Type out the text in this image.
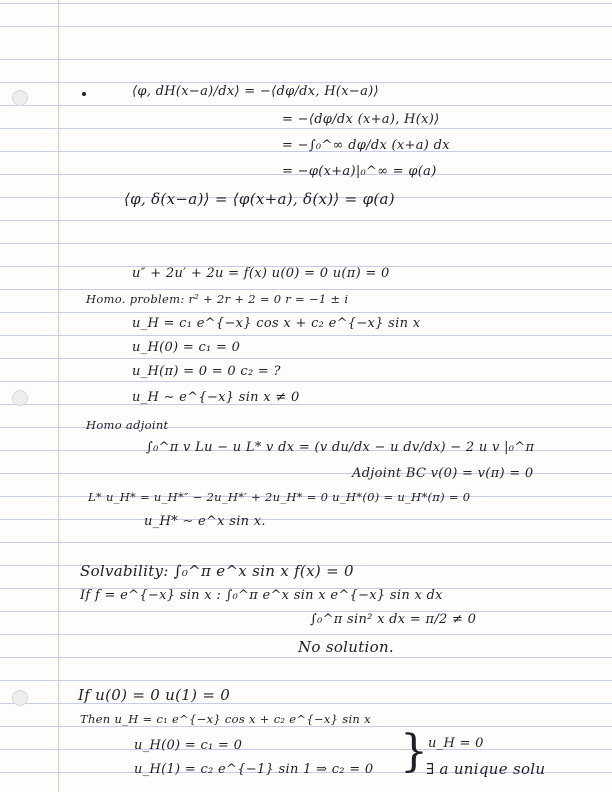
⟨φ, dH(x−a)/dx⟩ = −⟨dφ/dx, H(x−a)⟩
= −⟨dφ/dx (x+a), H(x)⟩
= −∫₀^∞ dφ/dx (x+a) dx
= −φ(x+a)|₀^∞ = φ(a)
⟨φ, δ(x−a)⟩ = ⟨φ(x+a), δ(x)⟩ = φ(a)
u″ + 2u′ + 2u = f(x) u(0) = 0 u(π) = 0
Homo. problem: r² + 2r + 2 = 0 r = −1 ± i
u_H = c₁ e^{−x} cos x + c₂ e^{−x} sin x
u_H(0) = c₁ = 0
u_H(π) = 0 = 0 c₂ = ?
u_H ∼ e^{−x} sin x ≠ 0
Homo adjoint
∫₀^π v Lu − u L* v dx = (v du/dx − u dv/dx) − 2 u v |₀^π
Adjoint BC v(0) = v(π) = 0
L* u_H* = u_H*″ − 2u_H*′ + 2u_H* = 0 u_H*(0) = u_H*(π) = 0
u_H* ∼ e^x sin x.
Solvability: ∫₀^π e^x sin x f(x) = 0
If f = e^{−x} sin x : ∫₀^π e^x sin x e^{−x} sin x dx
∫₀^π sin² x dx = π/2 ≠ 0
No solution.
If u(0) = 0 u(1) = 0
Then u_H = c₁ e^{−x} cos x + c₂ e^{−x} sin x
u_H(0) = c₁ = 0
u_H(1) = c₂ e^{−1} sin 1 ⇒ c₂ = 0 } u_H = 0
∃ a unique solu
